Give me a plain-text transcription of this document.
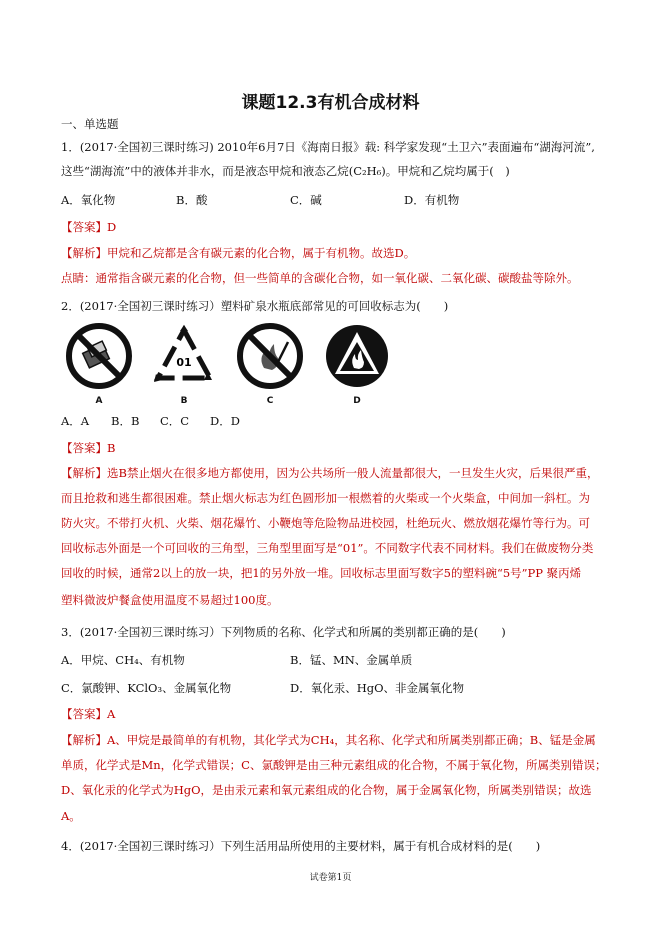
课题12.3有机合成材料
一、单选题
1．(2017·全国初三课时练习) 2010年6月7日《海南日报》载: 科学家发现“土卫六”表面遍布“湖海河流”,
这些“湖海流”中的液体并非水，而是液态甲烷和液态乙烷(C₂H₆)。甲烷和乙烷均属于(　)
A．氧化物	B．酸	C．碱	D．有机物
【答案】D
【解析】甲烷和乙烷都是含有碳元素的化合物，属于有机物。故选D。
点睛：通常指含碳元素的化合物，但一些简单的含碳化合物，如一氧化碳、二氧化碳、碳酸盐等除外。
2．(2017·全国初三课时练习）塑料矿泉水瓶底部常见的可回收标志为(　　)
A
01
B	C	D
A．A B．B C．C D．D
【答案】B
【解析】选B禁止烟火在很多地方都使用，因为公共场所一般人流量都很大，一旦发生火灾，后果很严重，
而且抢救和逃生都很困难。禁止烟火标志为红色圆形加一根燃着的火柴或一个火柴盒，中间加一斜杠。为
防火灾。不带打火机、火柴、烟花爆竹、小鞭炮等危险物品进校园，杜绝玩火、燃放烟花爆竹等行为。可
回收标志外面是一个可回收的三角型，三角型里面写是“01”。不同数字代表不同材料。我们在做废物分类
回收的时候，通常2以上的放一块，把1的另外放一堆。回收标志里面写数字5的塑料碗“5号”PP 聚丙烯
塑料微波炉餐盒使用温度不易超过100度。
3．(2017·全国初三课时练习）下列物质的名称、化学式和所属的类别都正确的是(　　)
A．甲烷、CH₄、有机物	B．锰、MN、金属单质
C．氯酸钾、KClO₃、金属氧化物	D．氧化汞、HgO、非金属氧化物
【答案】A
【解析】A、甲烷是最简单的有机物，其化学式为CH₄，其名称、化学式和所属类别都正确；B、锰是金属
单质，化学式是Mn，化学式错误；C、氯酸钾是由三种元素组成的化合物，不属于氧化物，所属类别错误；
D、氧化汞的化学式为HgO，是由汞元素和氧元素组成的化合物，属于金属氧化物，所属类别错误；故选
A。
4．(2017·全国初三课时练习）下列生活用品所使用的主要材料，属于有机合成材料的是(　　)
试卷第1页
